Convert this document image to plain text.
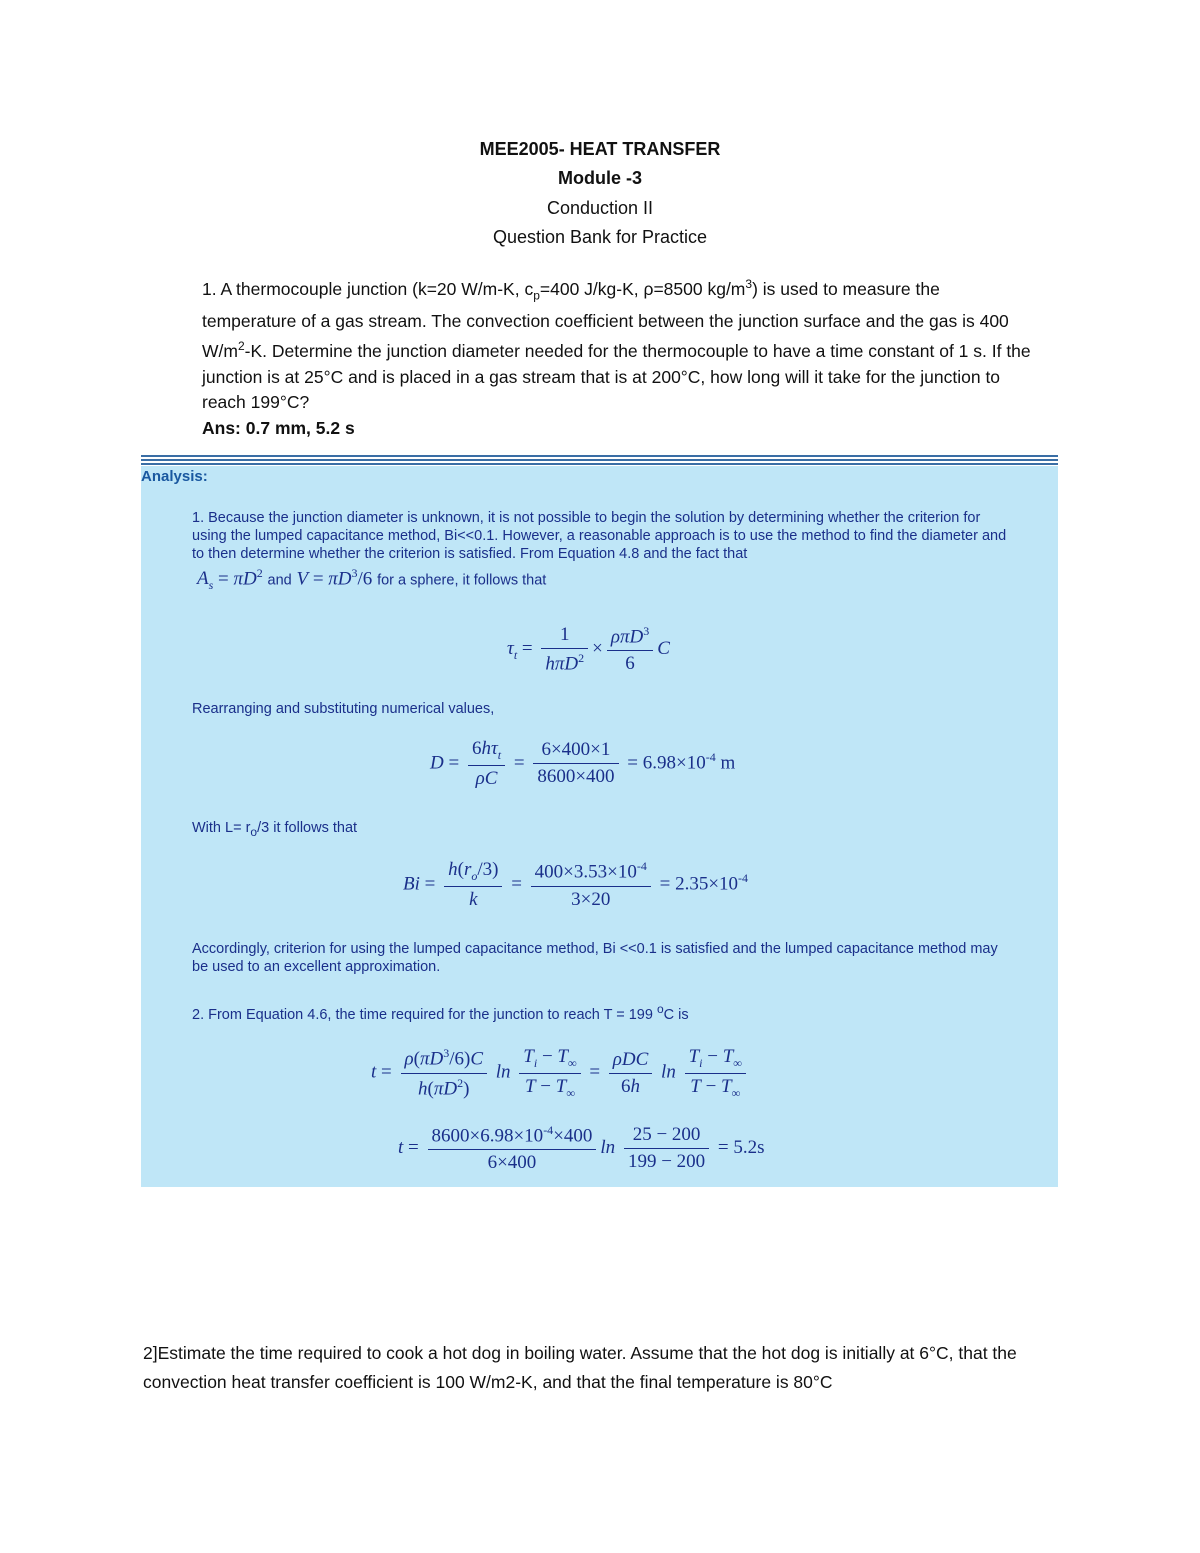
MEE2005- HEAT TRANSFER
Module -3
Conduction II
Question Bank for Practice
1. A thermocouple junction (k=20 W/m-K, $c_p=400$ J/kg-K, ρ=8500 $kg/m^3$) is used to measure the temperature of a gas stream. The convection coefficient between the junction surface and the gas is 400 $W/m^2-K$. Determine the junction diameter needed for the thermocouple to have a time constant of 1 s. If the junction is at 25°C and is placed in a gas stream that is at 200°C, how long will it take for the junction to reach 199°C?
Ans: 0.7 mm, 5.2 s
Analysis:
1. Because the junction diameter is unknown, it is not possible to begin the solution by determining whether the criterion for using the lumped capacitance method, Bi<<0.1. However, a reasonable approach is to use the method to find the diameter and to then determine whether the criterion is satisfied. From Equation 4.8 and the fact that
$A_s = \pi D^2$ and $V = \pi D^3/6$ for a sphere, it follows that
$\tau_t = \frac{1}{h\pi D^2} \times \frac{\rho\pi D^3}{6}$ C
Rearranging and substituting numerical values,
$D = \frac{6h\tau_t}{\rho C} = \frac{6\times 400\times 1}{8600\times 400} = 6.98\times 10^{-4}$ m
With $L= r_o/3$ it follows that
$Bi = \frac{h(r_o/3)}{k} = \frac{400\times 3.53\times 10^{-4}}{3\times 20} = 2.35\times 10^{-4}$
Accordingly, criterion for using the lumped capacitance method, Bi <<0.1 is satisfied and the lumped capacitance method may be used to an excellent approximation.
2. From Equation 4.6, the time required for the junction to reach T = 199 $^o$C is
$t = \frac{\rho(\pi D^3/6)C}{h(\pi D^2)}$ $\ln \frac{T_i - T_\infty}{T - T_\infty} = \frac{\text{ρDC}}{6h}$ $\ln \frac{T_i - T_\infty}{T - T_\infty}$
$t = \frac{8600\times 6.98\times 10^{-4}\times 400}{6\times 400}$ $\ln \frac{25 - 200}{199 - 200} = 5.2s$
2]Estimate the time required to cook a hot dog in boiling water. Assume that the hot dog is initially at 6°C, that the convection heat transfer coefficient is 100 W/m2-K, and that the final temperature is 80°C
